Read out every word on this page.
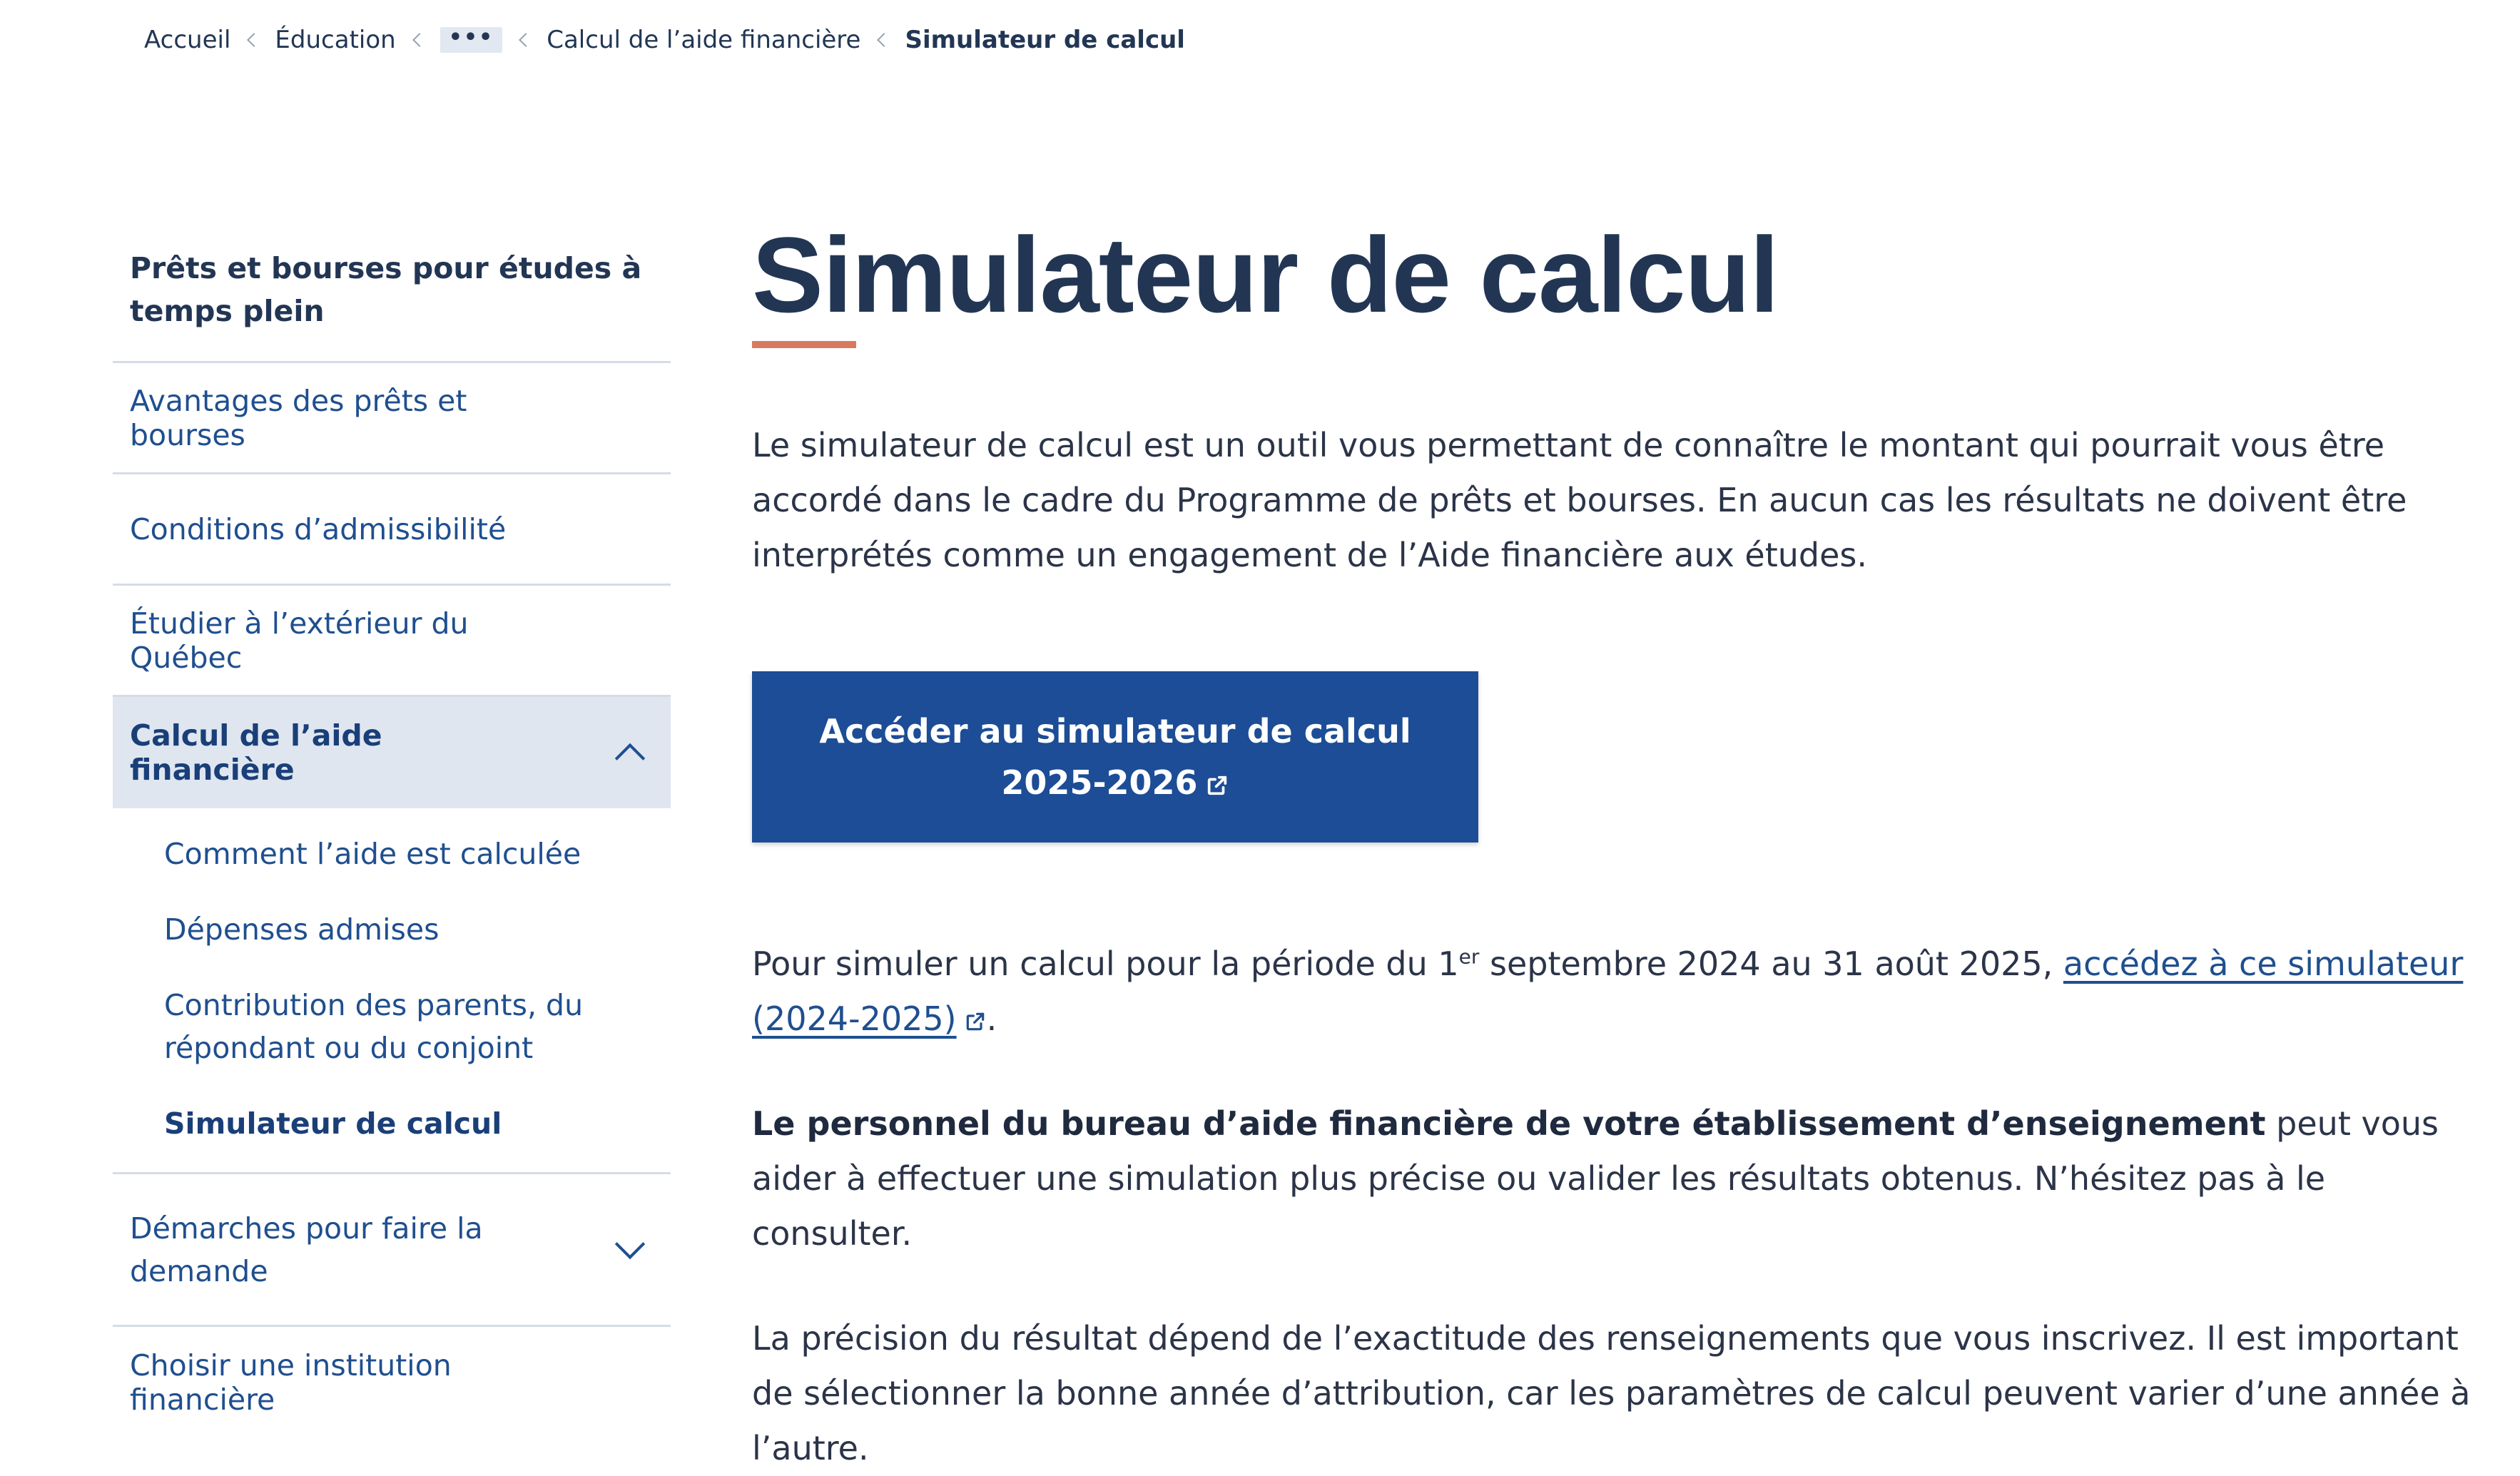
Accueil Éducation	•••	Calcul de l’aide financière Simulateur de calcul
Prêts et bourses pour études à temps plein
Avantages des prêts et bourses
Conditions d’admissibilité
Étudier à l’extérieur du Québec
Calcul de l’aide financière
Comment l’aide est calculée
Dépenses admises
Contribution des parents, du répondant ou du conjoint
Simulateur de calcul
Démarches pour faire la demande
Choisir une institution financière
Simulateur de calcul

Le simulateur de calcul est un outil vous permettant de connaître le montant qui pourrait vous être accordé dans le cadre du Programme de prêts et bourses. En aucun cas les résultats ne doivent être interprétés comme un engagement de l’Aide financière aux études.

Accéder au simulateur de calcul
2025-2026

Pour simuler un calcul pour la période du 1er septembre 2024 au 31 août 2025, accédez à ce simulateur (2024-2025) .

Le personnel du bureau d’aide financière de votre établissement d’enseignement peut vous aider à effectuer une simulation plus précise ou valider les résultats obtenus. N’hésitez pas à le consulter.

La précision du résultat dépend de l’exactitude des renseignements que vous inscrivez. Il est important de sélectionner la bonne année d’attribution, car les paramètres de calcul peuvent varier d’une année à l’autre.
